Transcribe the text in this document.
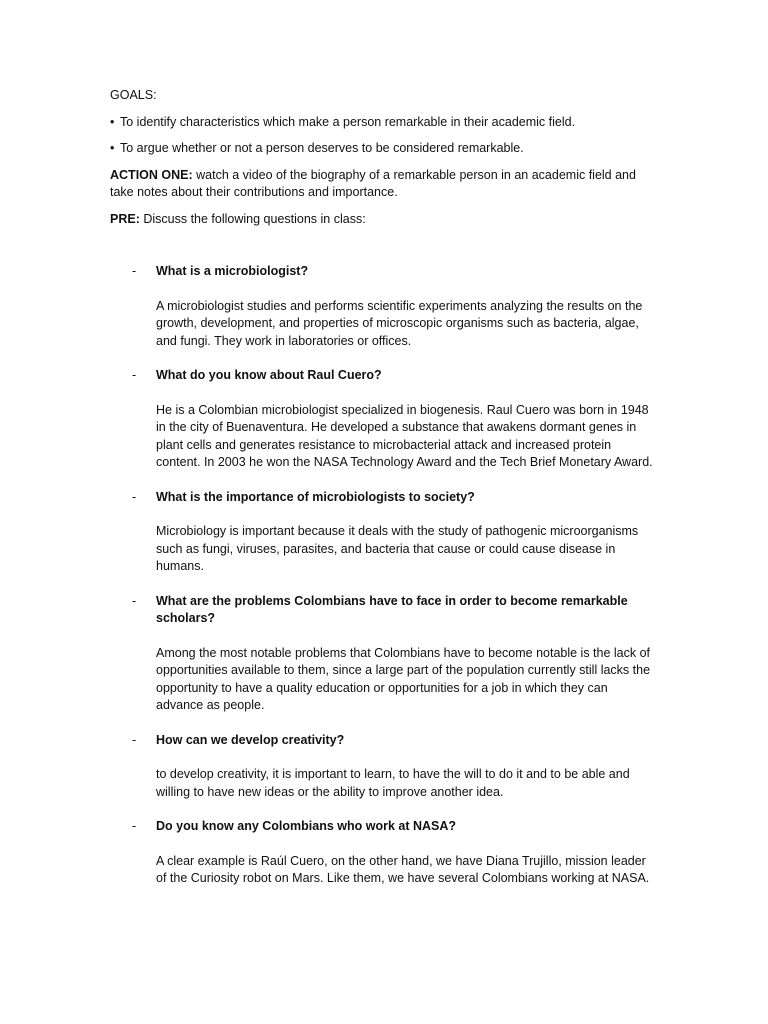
GOALS:

• To identify characteristics which make a person remarkable in their academic field.
• To argue whether or not a person deserves to be considered remarkable.

ACTION ONE: watch a video of the biography of a remarkable person in an academic field and take notes about their contributions and importance.

PRE: Discuss the following questions in class:

-	What is a microbiologist?
A microbiologist studies and performs scientific experiments analyzing the results on the growth, development, and properties of microscopic organisms such as bacteria, algae, and fungi. They work in laboratories or offices.
-	What do you know about Raul Cuero?
He is a Colombian microbiologist specialized in biogenesis. Raul Cuero was born in 1948 in the city of Buenaventura. He developed a substance that awakens dormant genes in plant cells and generates resistance to microbacterial attack and increased protein content. In 2003 he won the NASA Technology Award and the Tech Brief Monetary Award.
-	What is the importance of microbiologists to society?
Microbiology is important because it deals with the study of pathogenic microorganisms such as fungi, viruses, parasites, and bacteria that cause or could cause disease in humans.
-	What are the problems Colombians have to face in order to become remarkable scholars?
Among the most notable problems that Colombians have to become notable is the lack of opportunities available to them, since a large part of the population currently still lacks the opportunity to have a quality education or opportunities for a job in which they can advance as people.
-	How can we develop creativity?
to develop creativity, it is important to learn, to have the will to do it and to be able and willing to have new ideas or the ability to improve another idea.
-	Do you know any Colombians who work at NASA?
A clear example is Raúl Cuero, on the other hand, we have Diana Trujillo, mission leader of the Curiosity robot on Mars. Like them, we have several Colombians working at NASA.
